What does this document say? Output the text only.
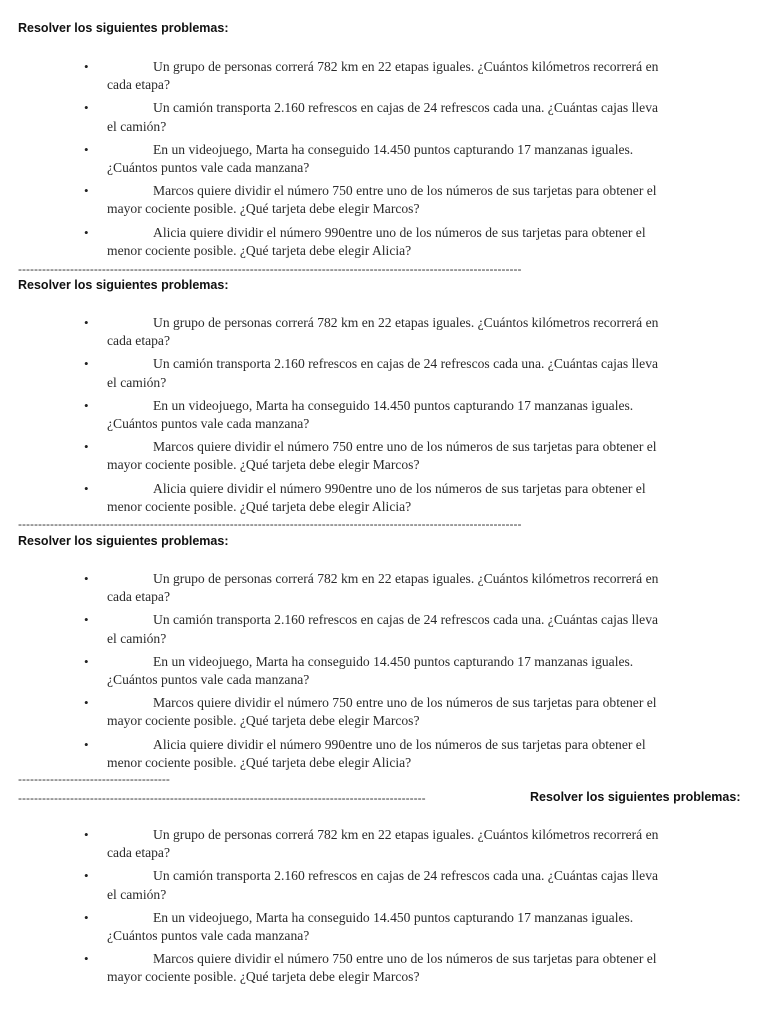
Resolver los siguientes problemas:
•	Un grupo de personas correrá 782 km en 22 etapas iguales. ¿Cuántos kilómetros recorrerá en cada etapa?
•	Un camión transporta 2.160 refrescos en cajas de 24 refrescos cada una. ¿Cuántas cajas lleva el camión?
•	En un videojuego, Marta ha conseguido 14.450 puntos capturando 17 manzanas iguales. ¿Cuántos puntos vale cada manzana?
•	Marcos quiere dividir el número 750 entre uno de los números de sus tarjetas para obtener el mayor cociente posible. ¿Qué tarjeta debe elegir Marcos?
•	Alicia quiere dividir el número 990entre uno de los números de sus tarjetas para obtener el menor cociente posible. ¿Qué tarjeta debe elegir Alicia?
------------------------------------------------------------------------------------------------------------------------------
Resolver los siguientes problemas:
•	Un grupo de personas correrá 782 km en 22 etapas iguales. ¿Cuántos kilómetros recorrerá en cada etapa?
•	Un camión transporta 2.160 refrescos en cajas de 24 refrescos cada una. ¿Cuántas cajas lleva el camión?
•	En un videojuego, Marta ha conseguido 14.450 puntos capturando 17 manzanas iguales. ¿Cuántos puntos vale cada manzana?
•	Marcos quiere dividir el número 750 entre uno de los números de sus tarjetas para obtener el mayor cociente posible. ¿Qué tarjeta debe elegir Marcos?
•	Alicia quiere dividir el número 990entre uno de los números de sus tarjetas para obtener el menor cociente posible. ¿Qué tarjeta debe elegir Alicia?
------------------------------------------------------------------------------------------------------------------------------
Resolver los siguientes problemas:
•	Un grupo de personas correrá 782 km en 22 etapas iguales. ¿Cuántos kilómetros recorrerá en cada etapa?
•	Un camión transporta 2.160 refrescos en cajas de 24 refrescos cada una. ¿Cuántas cajas lleva el camión?
•	En un videojuego, Marta ha conseguido 14.450 puntos capturando 17 manzanas iguales. ¿Cuántos puntos vale cada manzana?
•	Marcos quiere dividir el número 750 entre uno de los números de sus tarjetas para obtener el mayor cociente posible. ¿Qué tarjeta debe elegir Marcos?
•	Alicia quiere dividir el número 990entre uno de los números de sus tarjetas para obtener el menor cociente posible. ¿Qué tarjeta debe elegir Alicia?
--------------------------------------
------------------------------------------------------------------------------------------------------	Resolver los siguientes problemas:
•	Un grupo de personas correrá 782 km en 22 etapas iguales. ¿Cuántos kilómetros recorrerá en cada etapa?
•	Un camión transporta 2.160 refrescos en cajas de 24 refrescos cada una. ¿Cuántas cajas lleva el camión?
•	En un videojuego, Marta ha conseguido 14.450 puntos capturando 17 manzanas iguales. ¿Cuántos puntos vale cada manzana?
•	Marcos quiere dividir el número 750 entre uno de los números de sus tarjetas para obtener el mayor cociente posible. ¿Qué tarjeta debe elegir Marcos?
